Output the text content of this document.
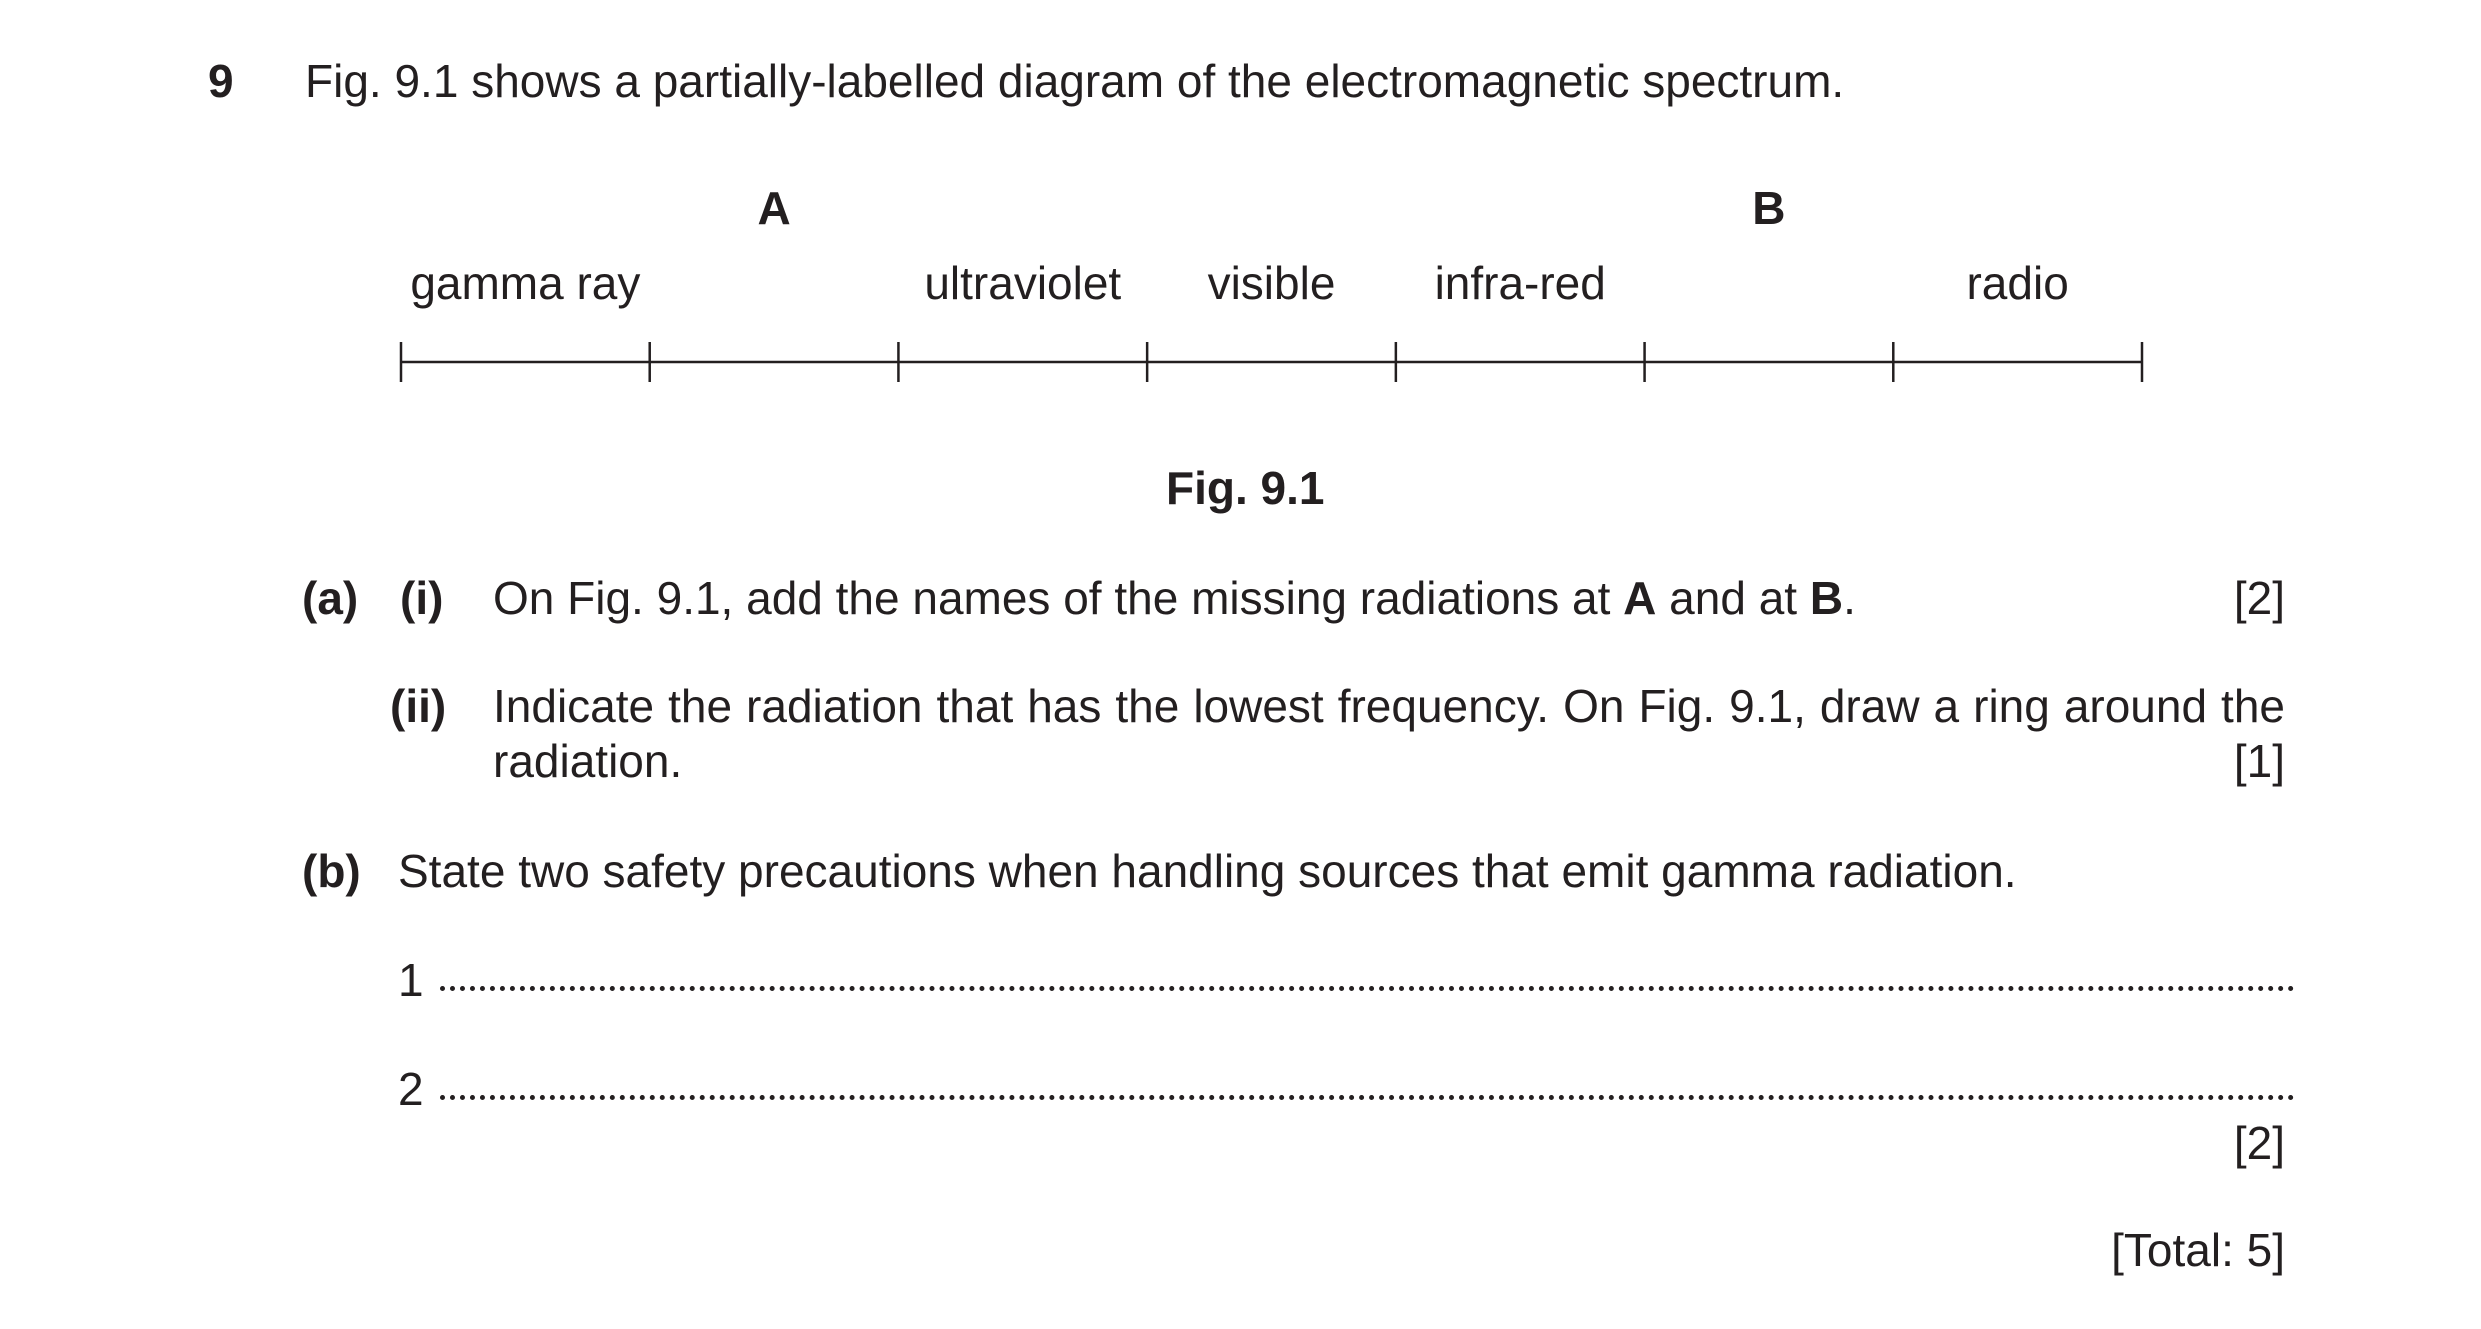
9 Fig. 9.1 shows a partially-labelled diagram of the electromagnetic spectrum.
gamma ray
A
ultraviolet visible infra-red
B
radio
Fig. 9.1
(a) (i) On Fig. 9.1, add the names of the missing radiations at A and at B.	[2]
(ii) Indicate the radiation that has the lowest frequency. On Fig. 9.1, draw a ring around the
radiation.	[1]
(b) State two safety precautions when handling sources that emit gamma radiation.
1
2
[2]
[Total: 5]
